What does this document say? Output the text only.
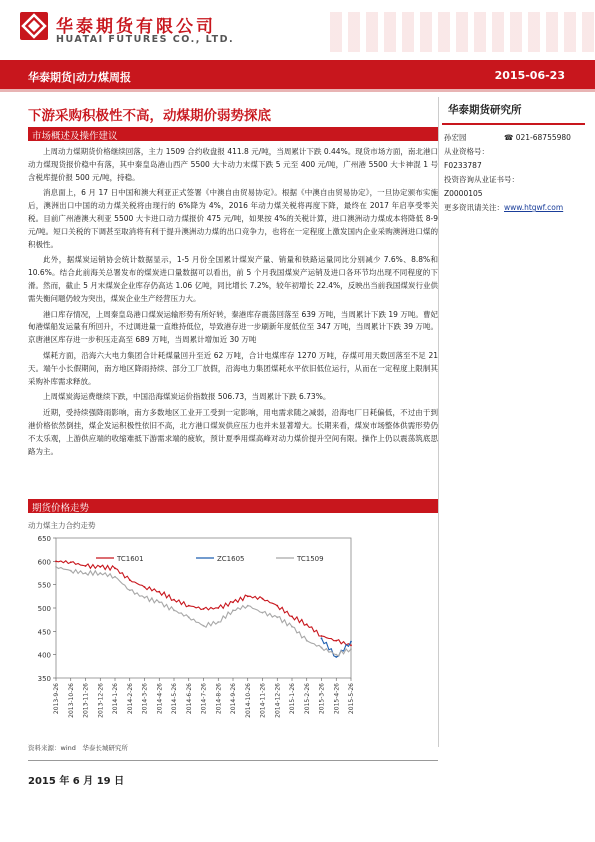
华泰期货有限公司
HUATAI FUTURES CO., LTD.
华泰期货|动力煤周报	2015-06-23
下游采购积极性不高，动煤期价弱势探底
市场概述及操作建议

上周动力煤期货价格继续回落，主力 1509 合约收盘报 411.8 元/吨，当周累计下跌 0.44%。现货市场方面，南北港口动力煤现货报价稳中有落，其中秦皇岛港山西产 5500 大卡动力末煤下跌 5 元至 400 元/吨，广州港 5500 大卡神混 1 号含税库提价报 500 元/吨，持稳。

消息面上，6 月 17 日中国和澳大利亚正式签署《中澳自由贸易协定》。根据《中澳自由贸易协定》，一旦协定颁布实施后，澳洲出口中国的动力煤关税将由现行的 6%降为 4%，2016 年动力煤关税将再度下降，最终在 2017 年启享受零关税。目前广州港澳大利亚 5500 大卡进口动力煤报价 475 元/吨，如果按 4%的关税计算，进口澳洲动力煤成本将降低 8-9 元/吨。短口关税的下调甚至取消将有利于提升澳洲动力煤的出口竞争力，也将在一定程度上激发国内企业采购澳洲进口煤的积极性。

此外，据煤炭运销协会统计数据显示，1-5 月份全国累计煤炭产量、销量和铁路运量同比分别减少 7.6%、8.8%和 10.6%。结合此前海关总署发布的煤炭进口量数据可以看出，前 5 个月我国煤炭产运销及进口各环节均出现不同程度的下滑。然而，截止 5 月末煤炭企业库存仍高达 1.06 亿吨，同比增长 7.2%，较年初增长 22.4%，反映出当前我国煤炭行业供需失衡问题仍较为突出，煤炭企业生产经营压力大。

港口库存情况，上周秦皇岛港口煤炭运输形势有所好转，秦港库存震荡回落至 639 万吨，当周累计下跌 19 万吨。曹妃甸港煤船发运量有所回升，不过调进量一直维持低位，导致港存进一步刷新年度低位至 347 万吨，当周累计下跌 39 万吨。京唐港区库存进一步积压走高至 689 万吨，当周累计增加近 30 万吨

煤耗方面，沿海六大电力集团合计耗煤量回升至近 62 万吨，合计电煤库存 1270 万吨，存煤可用天数回落至不足 21 天。端午小长假期间，南方地区降雨持续、部分工厂放假，沿海电力集团煤耗水平依旧低位运行，从而在一定程度上限制其采购补库需求释放。

上周煤炭海运费继续下跌，中国沿海煤炭运价指数报 506.73，当周累计下跌 6.73%。

近期，受持续强降雨影响，南方多数地区工业开工受到一定影响，用电需求随之减弱，沿海电厂日耗偏低，不过由于到港价格依然倒挂，煤企发运积极性依旧不高，北方港口煤炭供应压力也并未显著增大。长期来看，煤炭市场整体供需形势仍不太乐观，上游供应端的收缩难抵下游需求端的疲软，预计夏季用煤高峰对动力煤价提升空间有限。操作上仍以震荡筑底思路为主。

华泰期货研究所
孙宏园	☎ 021-68755980
从业资格号：
F0233787
投资咨询从业证书号：
Z0000105
更多资讯请关注：www.htgwf.com
期货价格走势
动力煤主力合约走势
350
400
450
500
550
600
650
2013-9-26 2013-10-26 2013-11-26 2013-12-26 2014-1-26 2014-2-26 2014-3-26 2014-4-26 2014-5-26 2014-6-26 2014-7-26 2014-8-26 2014-9-26 2014-10-26 2014-11-26 2014-12-26 2015-1-26 2015-2-26 2015-3-26 2015-4-26 2015-5-26
TC1601	ZC1605	TC1509
资料来源：wind　华泰长城研究所
2015 年 6 月 19 日
